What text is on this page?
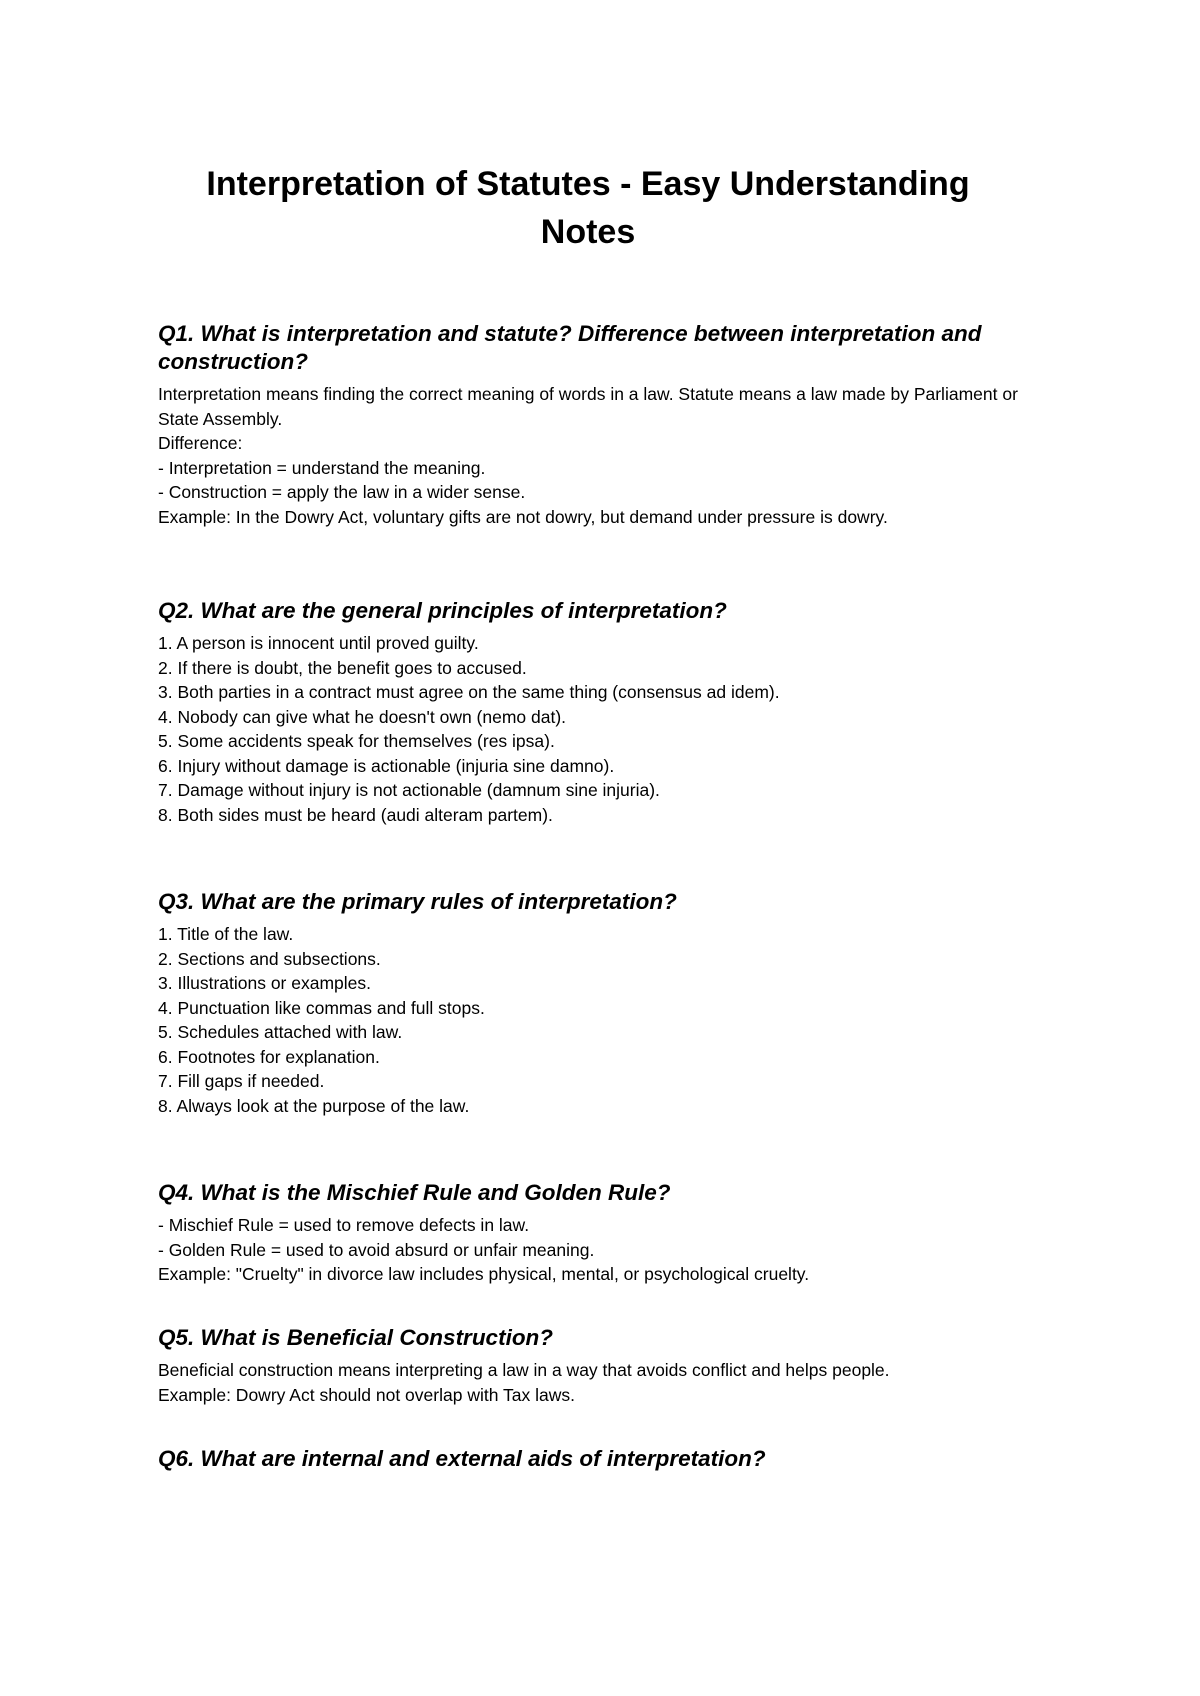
Interpretation of Statutes - Easy Understanding
Notes
Q1. What is interpretation and statute? Difference between interpretation and construction?

Interpretation means finding the correct meaning of words in a law. Statute means a law made by Parliament or State Assembly.

Difference:

- Interpretation = understand the meaning.

- Construction = apply the law in a wider sense.

Example: In the Dowry Act, voluntary gifts are not dowry, but demand under pressure is dowry.

Q2. What are the general principles of interpretation?

1. A person is innocent until proved guilty.

2. If there is doubt, the benefit goes to accused.

3. Both parties in a contract must agree on the same thing (consensus ad idem).

4. Nobody can give what he doesn't own (nemo dat).

5. Some accidents speak for themselves (res ipsa).

6. Injury without damage is actionable (injuria sine damno).

7. Damage without injury is not actionable (damnum sine injuria).

8. Both sides must be heard (audi alteram partem).

Q3. What are the primary rules of interpretation?

1. Title of the law.

2. Sections and subsections.

3. Illustrations or examples.

4. Punctuation like commas and full stops.

5. Schedules attached with law.

6. Footnotes for explanation.

7. Fill gaps if needed.

8. Always look at the purpose of the law.

Q4. What is the Mischief Rule and Golden Rule?

- Mischief Rule = used to remove defects in law.

- Golden Rule = used to avoid absurd or unfair meaning.

Example: "Cruelty" in divorce law includes physical, mental, or psychological cruelty.

Q5. What is Beneficial Construction?

Beneficial construction means interpreting a law in a way that avoids conflict and helps people.

Example: Dowry Act should not overlap with Tax laws.

Q6. What are internal and external aids of interpretation?
